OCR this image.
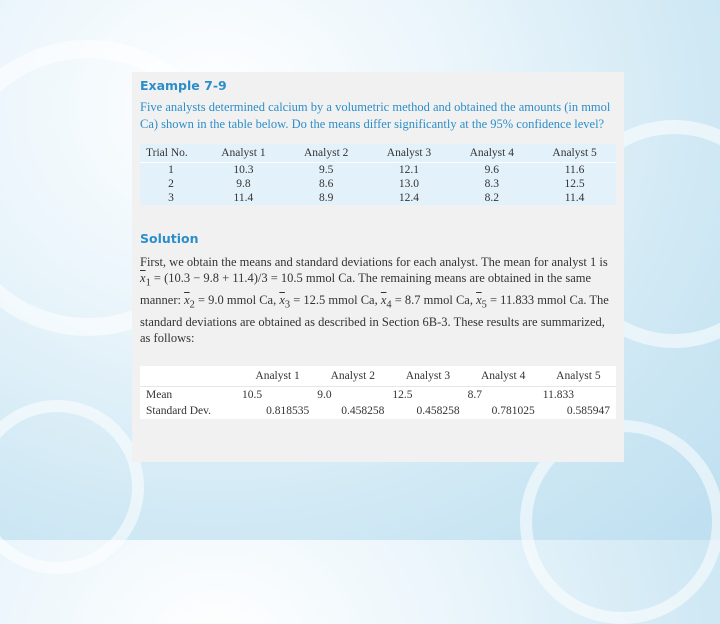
Example 7-9

Five analysts determined calcium by a volumetric method and obtained the amounts (in mmol Ca) shown in the table below. Do the means differ significantly at the 95% confidence level?

Trial No.	Analyst 1	Analyst 2	Analyst 3	Analyst 4	Analyst 5
1	10.3	9.5	12.1	9.6	11.6
2	9.8	8.6	13.0	8.3	12.5
3	11.4	8.9	12.4	8.2	11.4
Solution

First, we obtain the means and standard deviations for each analyst. The mean for analyst 1 is $\overline{x}_1 = (10.3 - 9.8 + 11.4)/3 = 10.5$ mmol Ca. The remaining means are obtained in the same manner: $\overline{x}_2 = 9.0$ mmol Ca, $\overline{x}_3 = 12.5$ mmol Ca, $\overline{x}_4 = 8.7$ mmol Ca, $\overline{x}_5 = 11.833$ mmol Ca. The standard deviations are obtained as described in Section 6B-3. These results are summarized, as follows:

	Analyst 1	Analyst 2	Analyst 3	Analyst 4	Analyst 5
Mean	10.5	9.0	12.5	8.7	11.833
Standard Dev.	0.818535	0.458258	0.458258	0.781025	0.585947
